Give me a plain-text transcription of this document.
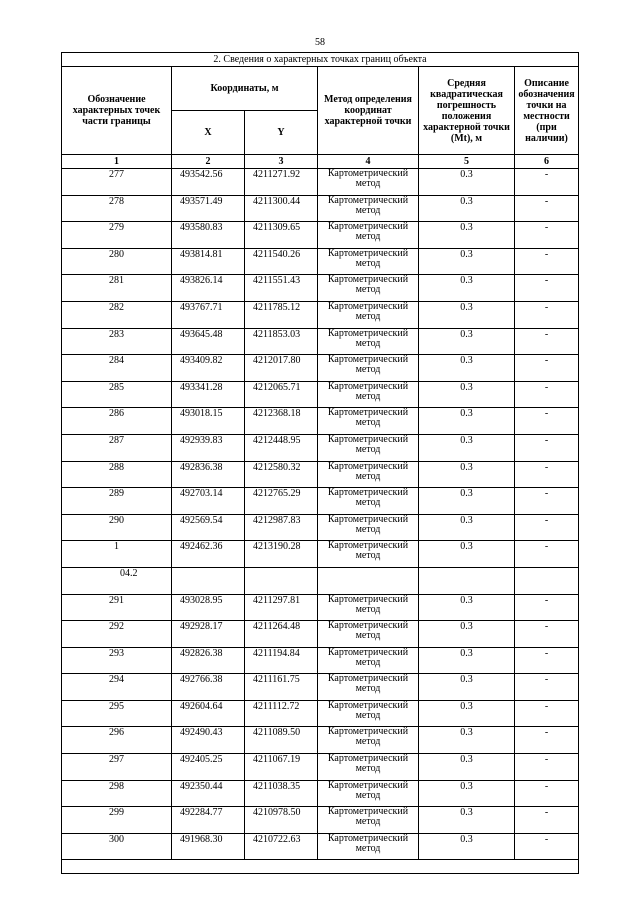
58
2. Сведения о характерных точках границ объекта					
Обозначение характерных точек части границы	Координаты, м		Метод определения координат характерной точки	Средняя квадратическая погрешность положения характерной точки (Mt), м	Описание обозначения точки на местности (при наличии)
	X	Y			
1	2	3	4	5	6
277	493542.56	4211271.92	Картометрический метод	0.3	-
278	493571.49	4211300.44	Картометрический метод	0.3	-
279	493580.83	4211309.65	Картометрический метод	0.3	-
280	493814.81	4211540.26	Картометрический метод	0.3	-
281	493826.14	4211551.43	Картометрический метод	0.3	-
282	493767.71	4211785.12	Картометрический метод	0.3	-
283	493645.48	4211853.03	Картометрический метод	0.3	-
284	493409.82	4212017.80	Картометрический метод	0.3	-
285	493341.28	4212065.71	Картометрический метод	0.3	-
286	493018.15	4212368.18	Картометрический метод	0.3	-
287	492939.83	4212448.95	Картометрический метод	0.3	-
288	492836.38	4212580.32	Картометрический метод	0.3	-
289	492703.14	4212765.29	Картометрический метод	0.3	-
290	492569.54	4212987.83	Картометрический метод	0.3	-
1	492462.36	4213190.28	Картометрический метод	0.3	-
04.2					
291	493028.95	4211297.81	Картометрический метод	0.3	-
292	492928.17	4211264.48	Картометрический метод	0.3	-
293	492826.38	4211194.84	Картометрический метод	0.3	-
294	492766.38	4211161.75	Картометрический метод	0.3	-
295	492604.64	4211112.72	Картометрический метод	0.3	-
296	492490.43	4211089.50	Картометрический метод	0.3	-
297	492405.25	4211067.19	Картометрический метод	0.3	-
298	492350.44	4211038.35	Картометрический метод	0.3	-
299	492284.77	4210978.50	Картометрический метод	0.3	-
300	491968.30	4210722.63	Картометрический метод	0.3	-
